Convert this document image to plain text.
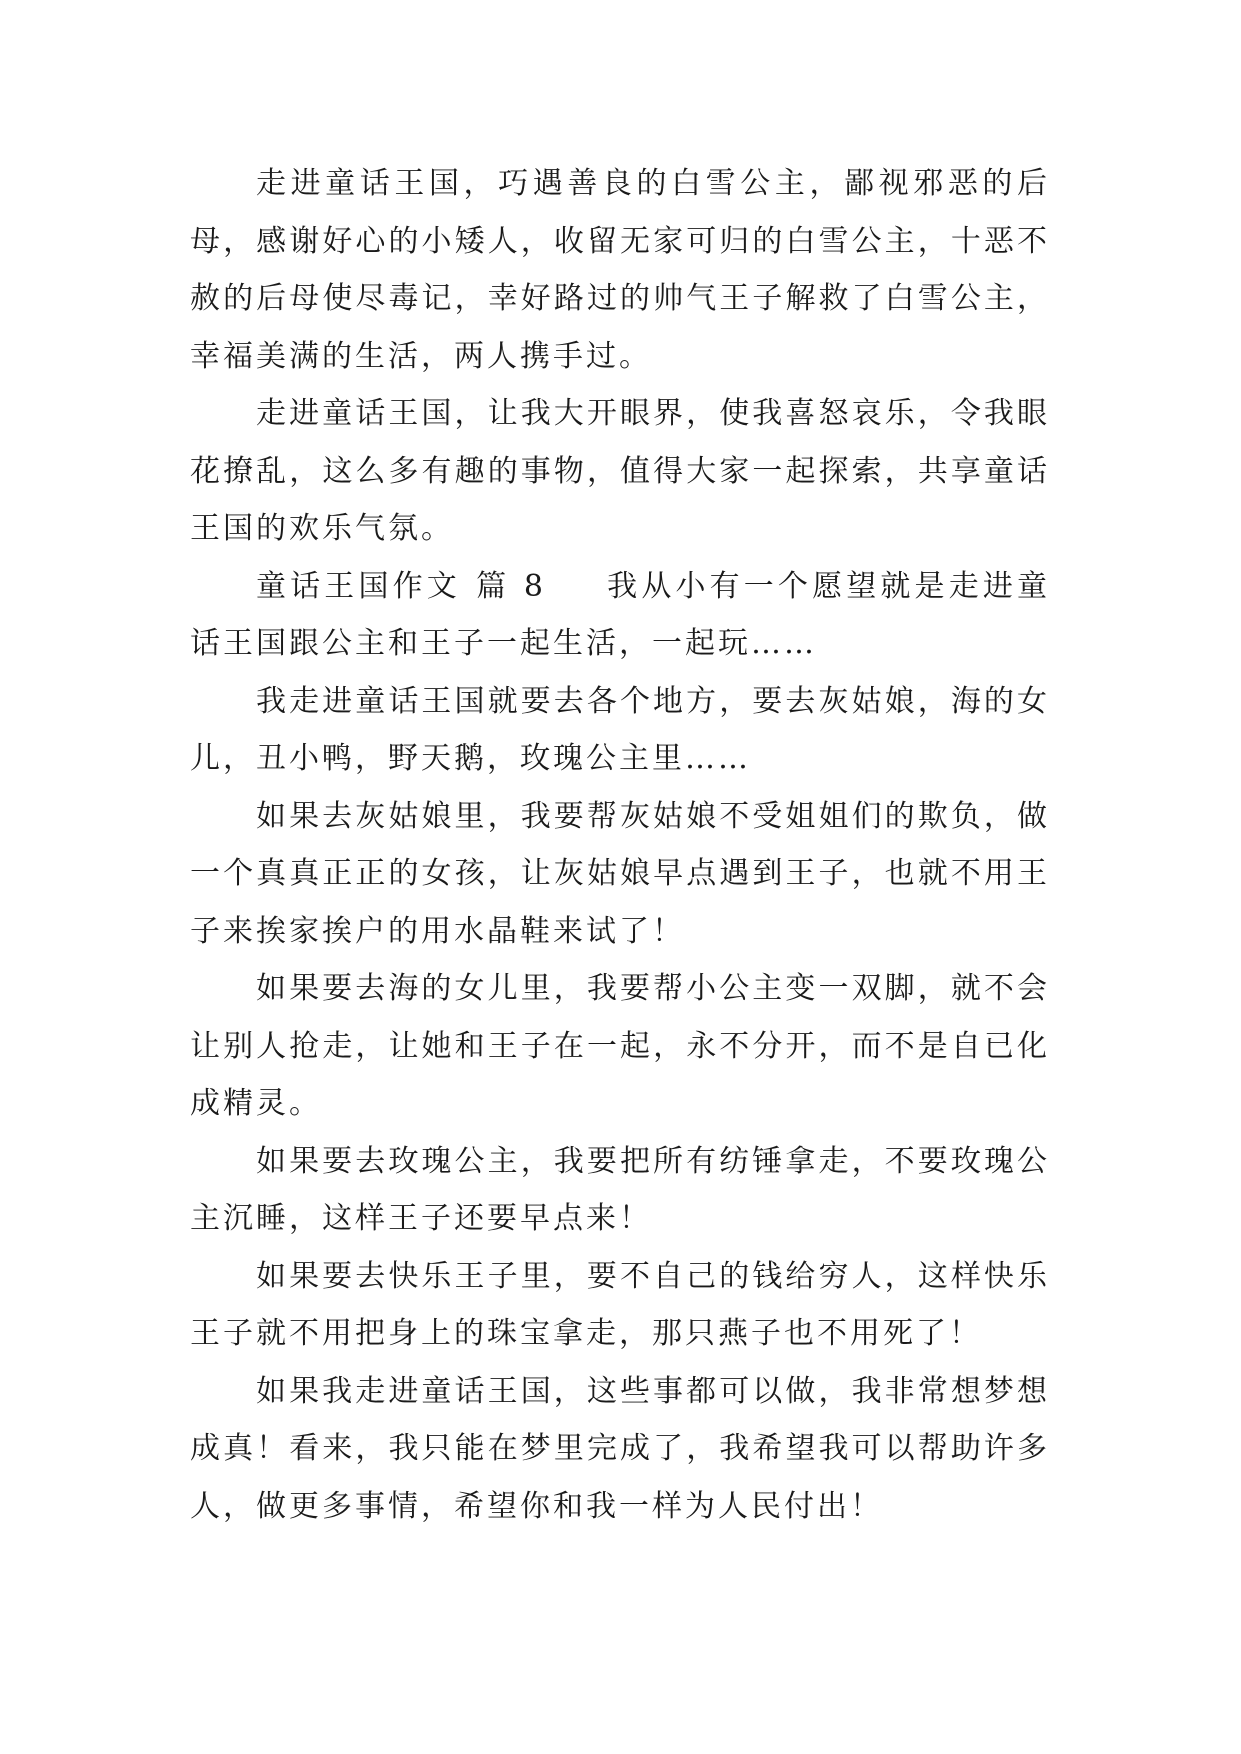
走进童话王国，巧遇善良的白雪公主，鄙视邪恶的后母，感谢好心的小矮人，收留无家可归的白雪公主，十恶不赦的后母使尽毒记，幸好路过的帅气王子解救了白雪公主，幸福美满的生活，两人携手过。

走进童话王国，让我大开眼界，使我喜怒哀乐，令我眼花撩乱，这么多有趣的事物，值得大家一起探索，共享童话王国的欢乐气氛。

童话王国作文 篇 8 我从小有一个愿望就是走进童话王国跟公主和王子一起生活，一起玩……

我走进童话王国就要去各个地方，要去灰姑娘，海的女儿，丑小鸭，野天鹅，玫瑰公主里……

如果去灰姑娘里，我要帮灰姑娘不受姐姐们的欺负，做一个真真正正的女孩，让灰姑娘早点遇到王子，也就不用王子来挨家挨户的用水晶鞋来试了！

如果要去海的女儿里，我要帮小公主变一双脚，就不会让别人抢走，让她和王子在一起，永不分开，而不是自已化成精灵。

如果要去玫瑰公主，我要把所有纺锤拿走，不要玫瑰公主沉睡，这样王子还要早点来！

如果要去快乐王子里，要不自己的钱给穷人，这样快乐王子就不用把身上的珠宝拿走，那只燕子也不用死了！

如果我走进童话王国，这些事都可以做，我非常想梦想成真！看来，我只能在梦里完成了，我希望我可以帮助许多人，做更多事情，希望你和我一样为人民付出！
